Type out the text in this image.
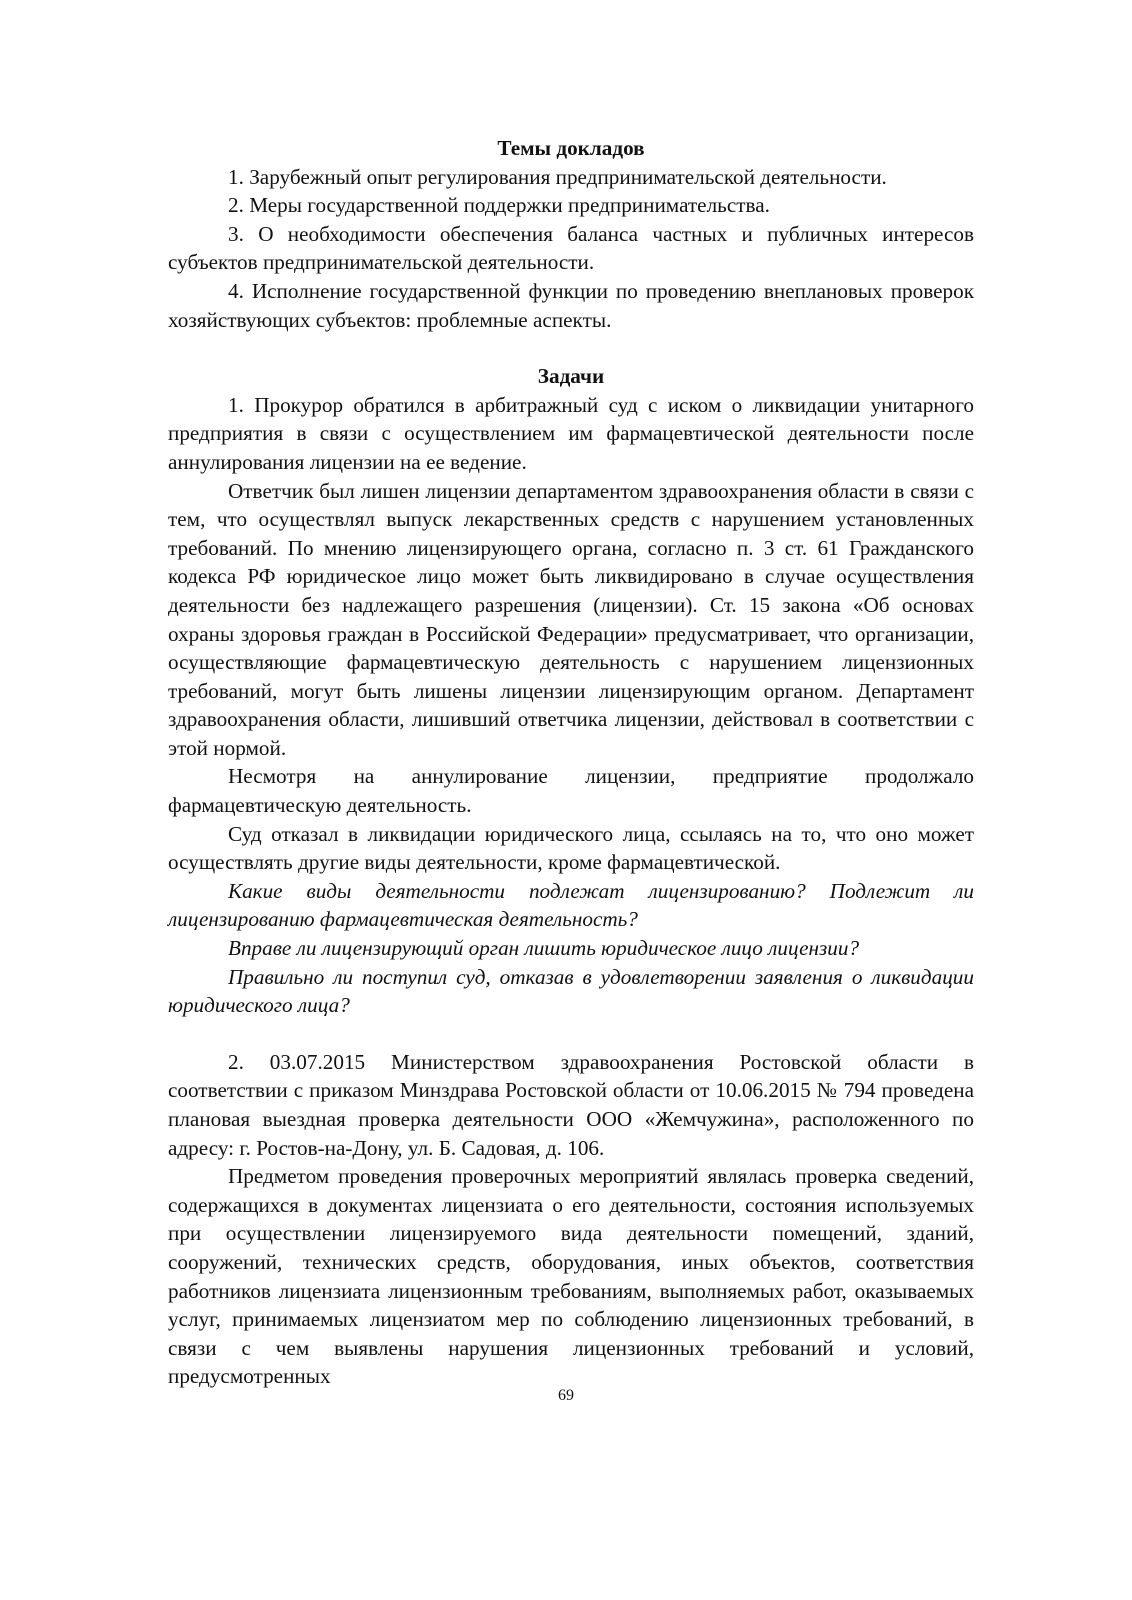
Темы докладов

1. Зарубежный опыт регулирования предпринимательской деятельности.

2. Меры государственной поддержки предпринимательства.

3. О необходимости обеспечения баланса частных и публичных интересов субъектов предпринимательской деятельности.

4. Исполнение государственной функции по проведению внеплановых проверок хозяйствующих субъектов: проблемные аспекты.

Задачи

1. Прокурор обратился в арбитражный суд с иском о ликвидации унитарного предприятия в связи с осуществлением им фармацевтической деятельности после аннулирования лицензии на ее ведение.

Ответчик был лишен лицензии департаментом здравоохранения области в связи с тем, что осуществлял выпуск лекарственных средств с нарушением установленных требований. По мнению лицензирующего органа, согласно п. 3 ст. 61 Гражданского кодекса РФ юридическое лицо может быть ликвидировано в случае осуществления деятельности без надлежащего разрешения (лицензии). Ст. 15 закона «Об основах охраны здоровья граждан в Российской Федерации» предусматривает, что организации, осуществляющие фармацевтическую деятельность с нарушением лицензионных требований, могут быть лишены лицензии лицензирующим органом. Департамент здравоохранения области, лишивший ответчика лицензии, действовал в соответствии с этой нормой.

Несмотря на аннулирование лицензии, предприятие продолжало фармацевтическую деятельность.

Суд отказал в ликвидации юридического лица, ссылаясь на то, что оно может осуществлять другие виды деятельности, кроме фармацевтической.

Какие виды деятельности подлежат лицензированию? Подлежит ли лицензированию фармацевтическая деятельность?

Вправе ли лицензирующий орган лишить юридическое лицо лицензии?

Правильно ли поступил суд, отказав в удовлетворении заявления о ликвидации юридического лица?

2. 03.07.2015 Министерством здравоохранения Ростовской области в соответствии с приказом Минздрава Ростовской области от 10.06.2015 № 794 проведена плановая выездная проверка деятельности ООО «Жемчужина», расположенного по адресу: г. Ростов-на-Дону, ул. Б. Садовая, д. 106.

Предметом проведения проверочных мероприятий являлась проверка сведений, содержащихся в документах лицензиата о его деятельности, состояния используемых при осуществлении лицензируемого вида деятельности помещений, зданий, сооружений, технических средств, оборудования, иных объектов, соответствия работников лицензиата лицензионным требованиям, выполняемых работ, оказываемых услуг, принимаемых лицензиатом мер по соблюдению лицензионных требований, в связи с чем выявлены нарушения лицензионных требований и условий, предусмотренных

69
